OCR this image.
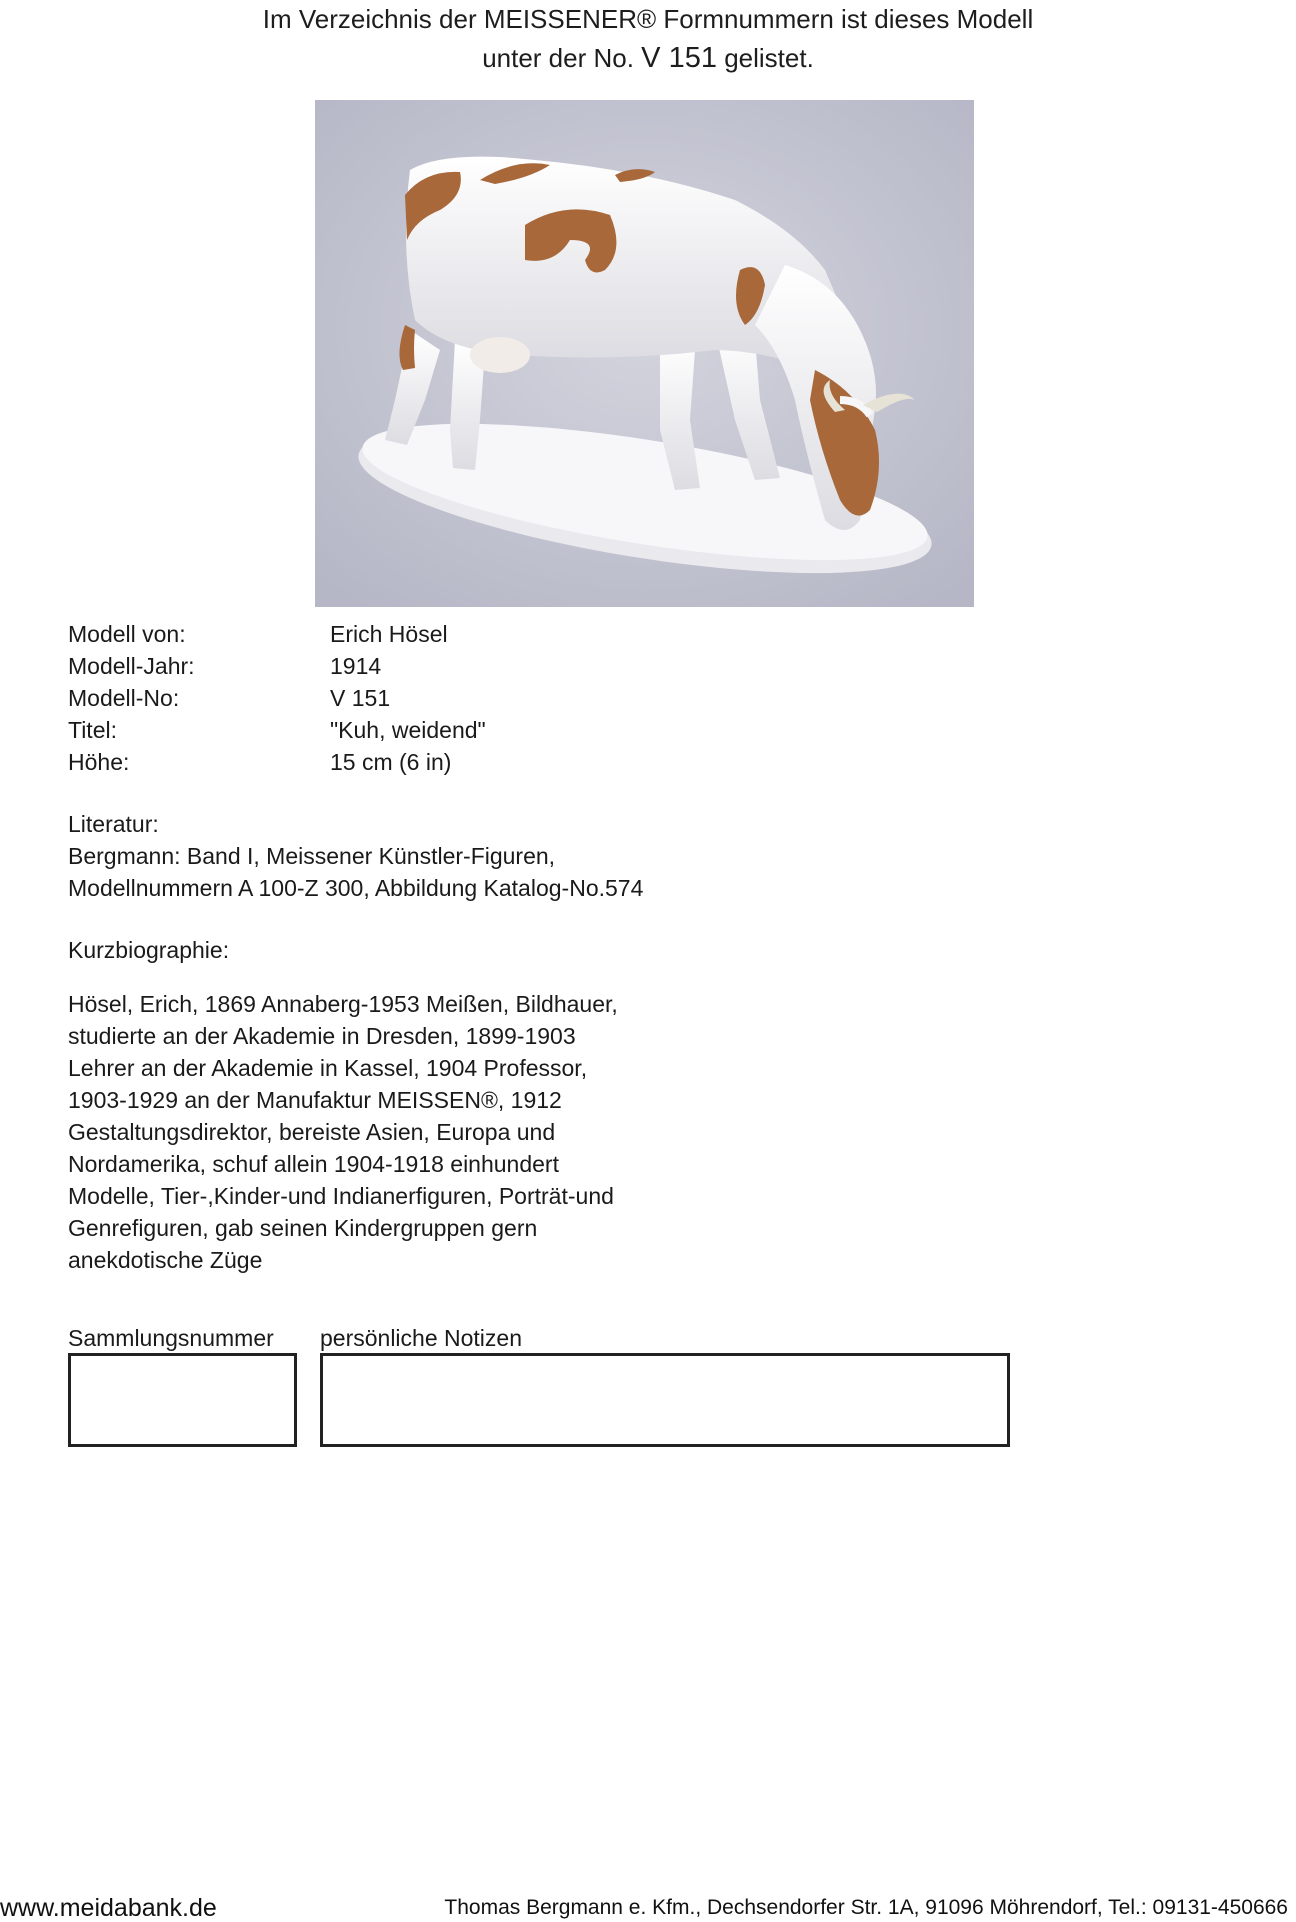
Im Verzeichnis der MEISSENER® Formnummern ist dieses Modell
unter der No. V 151 gelistet.
Modell von:	Erich Hösel
Modell-Jahr:	1914
Modell-No:	V 151
Titel:	"Kuh, weidend"
Höhe:	15 cm (6 in)
Literatur:
Bergmann: Band I, Meissener Künstler-Figuren,
Modellnummern A 100-Z 300, Abbildung Katalog-No.574
Kurzbiographie:
Hösel, Erich, 1869 Annaberg-1953 Meißen, Bildhauer,
studierte an der Akademie in Dresden, 1899-1903
Lehrer an der Akademie in Kassel, 1904 Professor,
1903-1929 an der Manufaktur MEISSEN®, 1912
Gestaltungsdirektor, bereiste Asien, Europa und
Nordamerika, schuf allein 1904-1918 einhundert
Modelle, Tier-,Kinder-und Indianerfiguren, Porträt-und
Genrefiguren, gab seinen Kindergruppen gern
anekdotische Züge
Sammlungsnummer persönliche Notizen
www.meidabank.de	Thomas Bergmann e. Kfm., Dechsendorfer Str. 1A, 91096 Möhrendorf, Tel.: 09131-450666
